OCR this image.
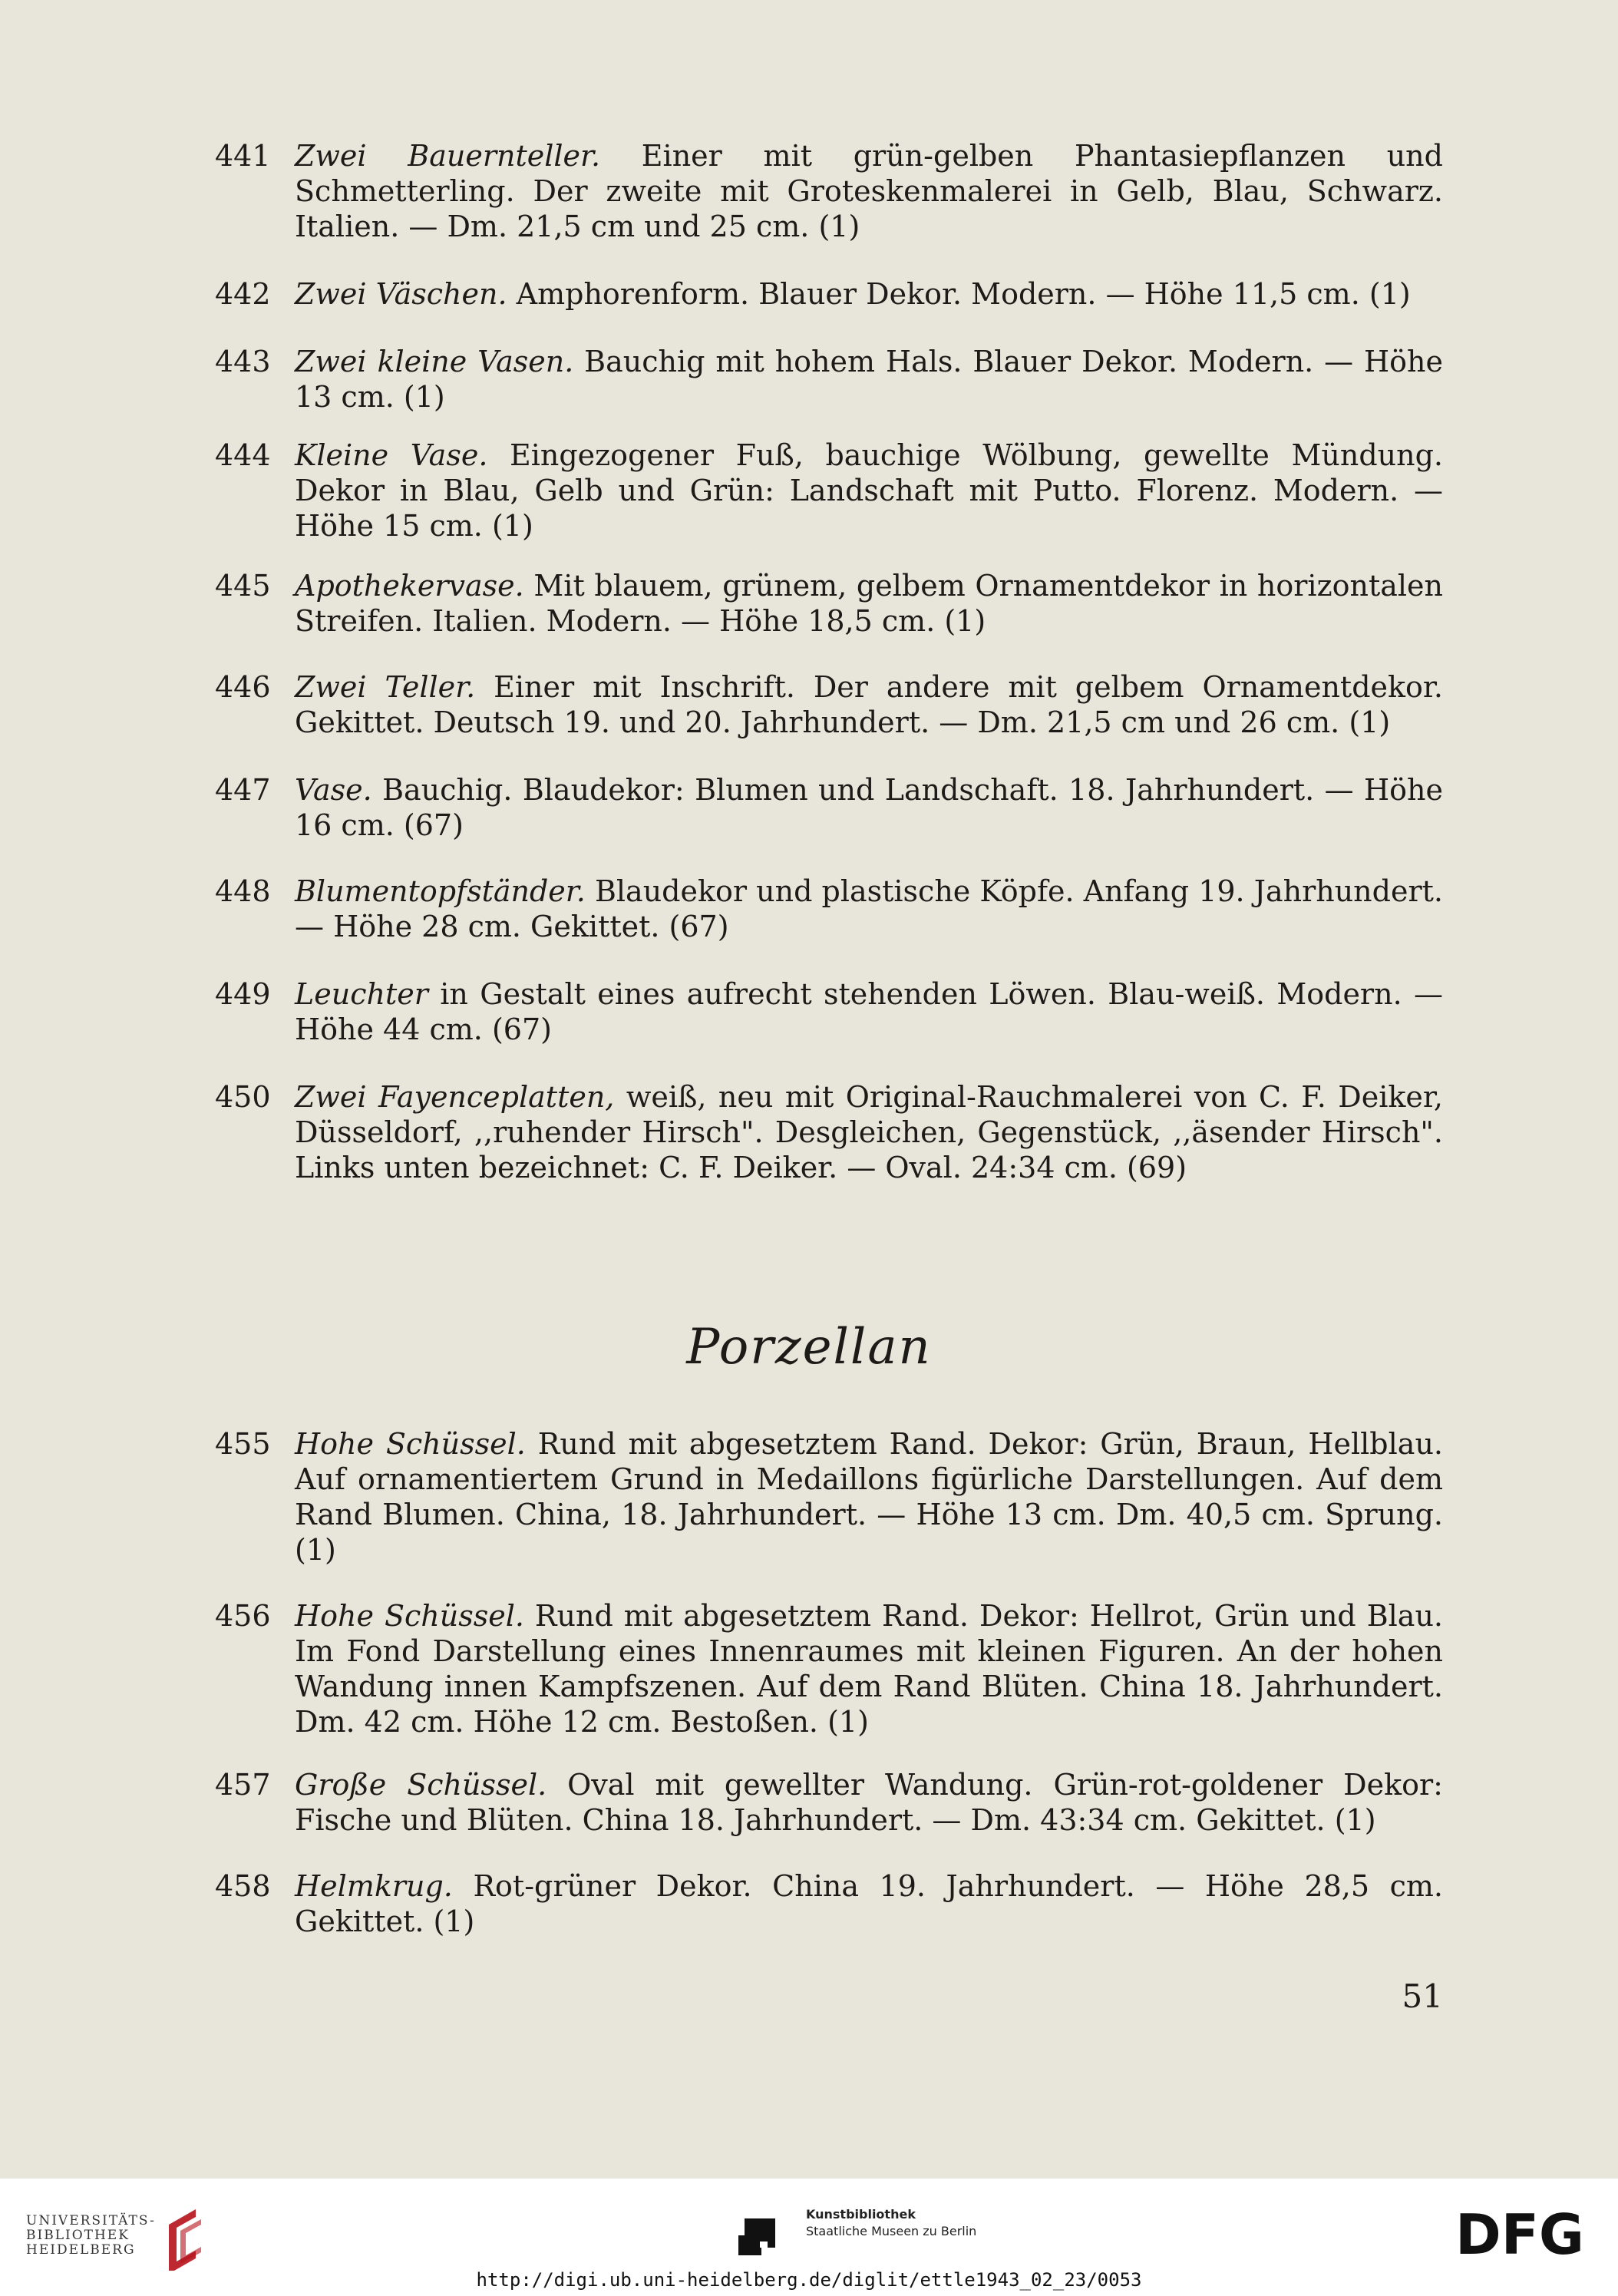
441 Zwei Bauernteller. Einer mit grün-gelben Phantasiepflanzen und Schmetterling. Der zweite mit Groteskenmalerei in Gelb, Blau, Schwarz. Italien. — Dm. 21,5 cm und 25 cm. (1)
442 Zwei Väschen. Amphorenform. Blauer Dekor. Modern. — Höhe 11,5 cm. (1)
443 Zwei kleine Vasen. Bauchig mit hohem Hals. Blauer Dekor. Modern. — Höhe 13 cm. (1)
444 Kleine Vase. Eingezogener Fuß, bauchige Wölbung, gewellte Mündung. Dekor in Blau, Gelb und Grün: Landschaft mit Putto. Florenz. Modern. — Höhe 15 cm. (1)
445 Apothekervase. Mit blauem, grünem, gelbem Ornamentdekor in horizontalen Streifen. Italien. Modern. — Höhe 18,5 cm. (1)
446 Zwei Teller. Einer mit Inschrift. Der andere mit gelbem Ornamentdekor. Gekittet. Deutsch 19. und 20. Jahrhundert. — Dm. 21,5 cm und 26 cm. (1)
447 Vase. Bauchig. Blaudekor: Blumen und Landschaft. 18. Jahrhundert. — Höhe 16 cm. (67)
448 Blumentopfständer. Blaudekor und plastische Köpfe. Anfang 19. Jahrhundert. — Höhe 28 cm. Gekittet. (67)
449 Leuchter in Gestalt eines aufrecht stehenden Löwen. Blau-weiß. Modern. — Höhe 44 cm. (67)
450 Zwei Fayenceplatten, weiß, neu mit Original-Rauchmalerei von C. F. Deiker, Düsseldorf, ,,ruhender Hirsch". Desgleichen, Gegenstück, ,,äsender Hirsch". Links unten bezeichnet: C. F. Deiker. — Oval. 24:34 cm. (69)
Porzellan
455 Hohe Schüssel. Rund mit abgesetztem Rand. Dekor: Grün, Braun, Hellblau. Auf ornamentiertem Grund in Medaillons figürliche Darstellungen. Auf dem Rand Blumen. China, 18. Jahrhundert. — Höhe 13 cm. Dm. 40,5 cm. Sprung. (1)
456 Hohe Schüssel. Rund mit abgesetztem Rand. Dekor: Hellrot, Grün und Blau. Im Fond Darstellung eines Innenraumes mit kleinen Figuren. An der hohen Wandung innen Kampfszenen. Auf dem Rand Blüten. China 18. Jahrhundert. Dm. 42 cm. Höhe 12 cm. Bestoßen. (1)
457 Große Schüssel. Oval mit gewellter Wandung. Grün-rot-goldener Dekor: Fische und Blüten. China 18. Jahrhundert. — Dm. 43:34 cm. Gekittet. (1)
458 Helmkrug. Rot-grüner Dekor. China 19. Jahrhundert. — Höhe 28,5 cm. Gekittet. (1)
51
UNIVERSITÄTS-
BIBLIOTHEK
HEIDELBERG
Kunstbibliothek
Staatliche Museen zu Berlin	DFG
http://digi.ub.uni-heidelberg.de/diglit/ettle1943_02_23/0053
